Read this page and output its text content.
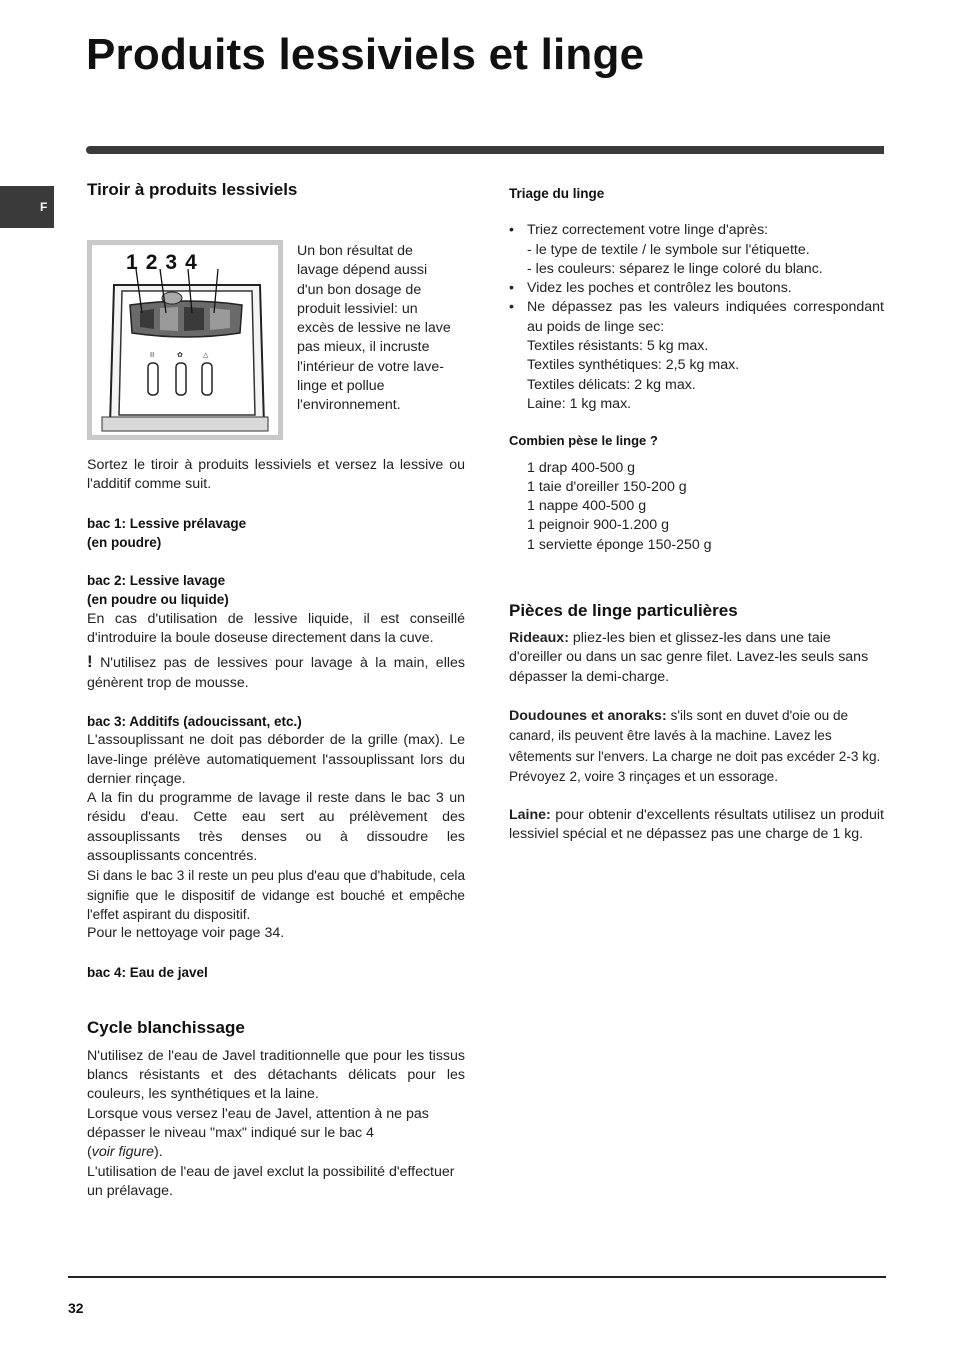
Produits lessiviels et linge
F
Tiroir à produits lessiviels
II	✿	△
1 2 3 4	Un bon résultat de lavage dépend aussi d'un bon dosage de produit lessiviel: un excès de lessive ne lave pas mieux, il incruste l'intérieur de votre lave-linge et pollue l'environnement.

Sortez le tiroir à produits lessiviels et versez la lessive ou l'additif comme suit.

bac 1: Lessive prélavage

(en poudre)

bac 2: Lessive lavage

(en poudre ou liquide)

En cas d'utilisation de lessive liquide, il est conseillé d'introduire la boule doseuse directement dans la cuve.

! N'utilisez pas de lessives pour lavage à la main, elles génèrent trop de mousse.

bac 3: Additifs (adoucissant, etc.)

L'assouplissant ne doit pas déborder de la grille (max). Le lave-linge prélève automatiquement l'assouplissant lors du dernier rinçage.

A la fin du programme de lavage il reste dans le bac 3 un résidu d'eau. Cette eau sert au prélèvement des assouplissants très denses ou à dissoudre les assouplissants concentrés.

Si dans le bac 3 il reste un peu plus d'eau que d'habitude, cela signifie que le dispositif de vidange est bouché et empêche l'effet aspirant du dispositif.

Pour le nettoyage voir page 34.

bac 4: Eau de javel

Cycle blanchissage

N'utilisez de l'eau de Javel traditionnelle que pour les tissus blancs résistants et des détachants délicats pour les couleurs, les synthétiques et la laine.

Lorsque vous versez l'eau de Javel, attention à ne pas dépasser le niveau "max" indiqué sur le bac 4
(voir figure).

L'utilisation de l'eau de javel exclut la possibilité d'effectuer un prélavage.

Triage du linge

• Triez correctement votre linge d'après:
- le type de textile / le symbole sur l'étiquette.
- les couleurs: séparez le linge coloré du blanc.
• Videz les poches et contrôlez les boutons.
• Ne dépassez pas les valeurs indiquées correspondant au poids de linge sec:
Textiles résistants: 5 kg max.
Textiles synthétiques: 2,5 kg max.
Textiles délicats: 2 kg max.
Laine: 1 kg max.

Combien pèse le linge ?

1 drap 400-500 g

1 taie d'oreiller 150-200 g

1 nappe 400-500 g

1 peignoir 900-1.200 g

1 serviette éponge 150-250 g

Pièces de linge particulières

Rideaux: pliez-les bien et glissez-les dans une taie d'oreiller ou dans un sac genre filet. Lavez-les seuls sans dépasser la demi-charge.

Doudounes et anoraks: s'ils sont en duvet d'oie ou de canard, ils peuvent être lavés à la machine. Lavez les vêtements sur l'envers. La charge ne doit pas excéder 2-3 kg. Prévoyez 2, voire 3 rinçages et un essorage.

Laine: pour obtenir d'excellents résultats utilisez un produit lessiviel spécial et ne dépassez pas une charge de 1 kg.

32
